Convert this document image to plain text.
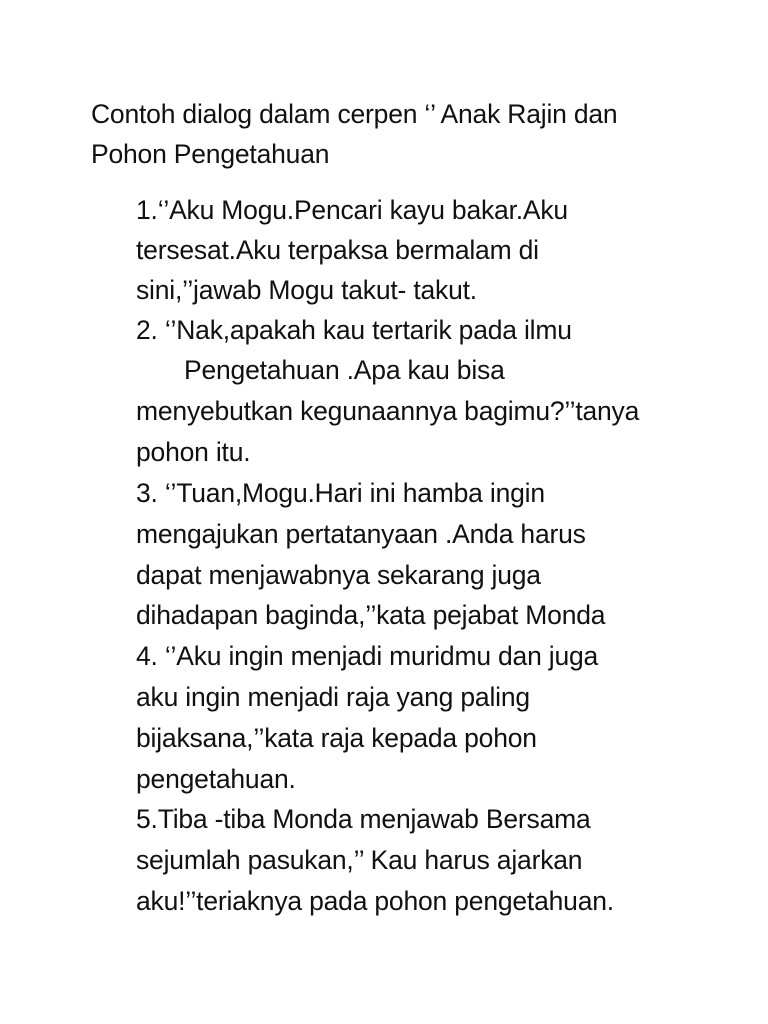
Contoh dialog dalam cerpen ‘’ Anak Rajin dan
Pohon Pengetahuan
1.‘’Aku Mogu.Pencari kayu bakar.Aku
tersesat.Aku terpaksa bermalam di
sini,’’jawab Mogu takut- takut.
2. ‘’Nak,apakah kau tertarik pada ilmu
Pengetahuan .Apa kau bisa
menyebutkan kegunaannya bagimu?’’tanya
pohon itu.
3. ‘’Tuan,Mogu.Hari ini hamba ingin
mengajukan pertatanyaan .Anda harus
dapat menjawabnya sekarang juga
dihadapan baginda,’’kata pejabat Monda
4. ‘’Aku ingin menjadi muridmu dan juga
aku ingin menjadi raja yang paling
bijaksana,’’kata raja kepada pohon
pengetahuan.
5.Tiba -tiba Monda menjawab Bersama
sejumlah pasukan,’’ Kau harus ajarkan
aku!’’teriaknya pada pohon pengetahuan.
